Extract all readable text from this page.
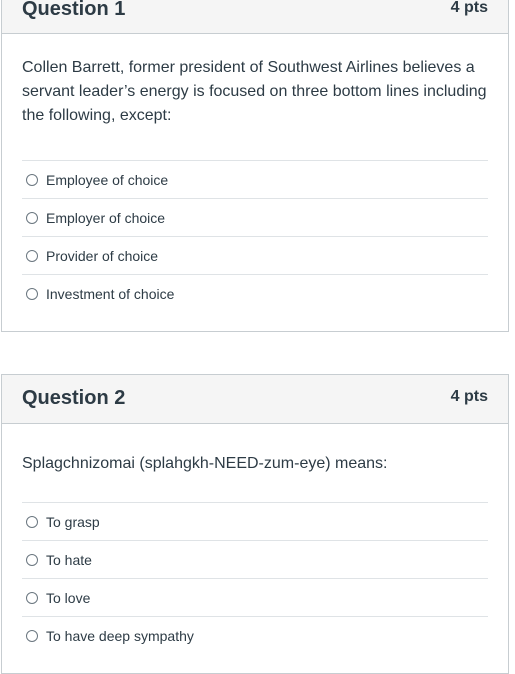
Question 1	4 pts

Collen Barrett, former president of Southwest Airlines believes a servant leader’s energy is focused on three bottom lines including the following, except:

Employee of choice
Employer of choice
Provider of choice
Investment of choice
Question 2	4 pts

Splagchnizomai (splahgkh-NEED-zum-eye) means:

To grasp
To hate
To love
To have deep sympathy
